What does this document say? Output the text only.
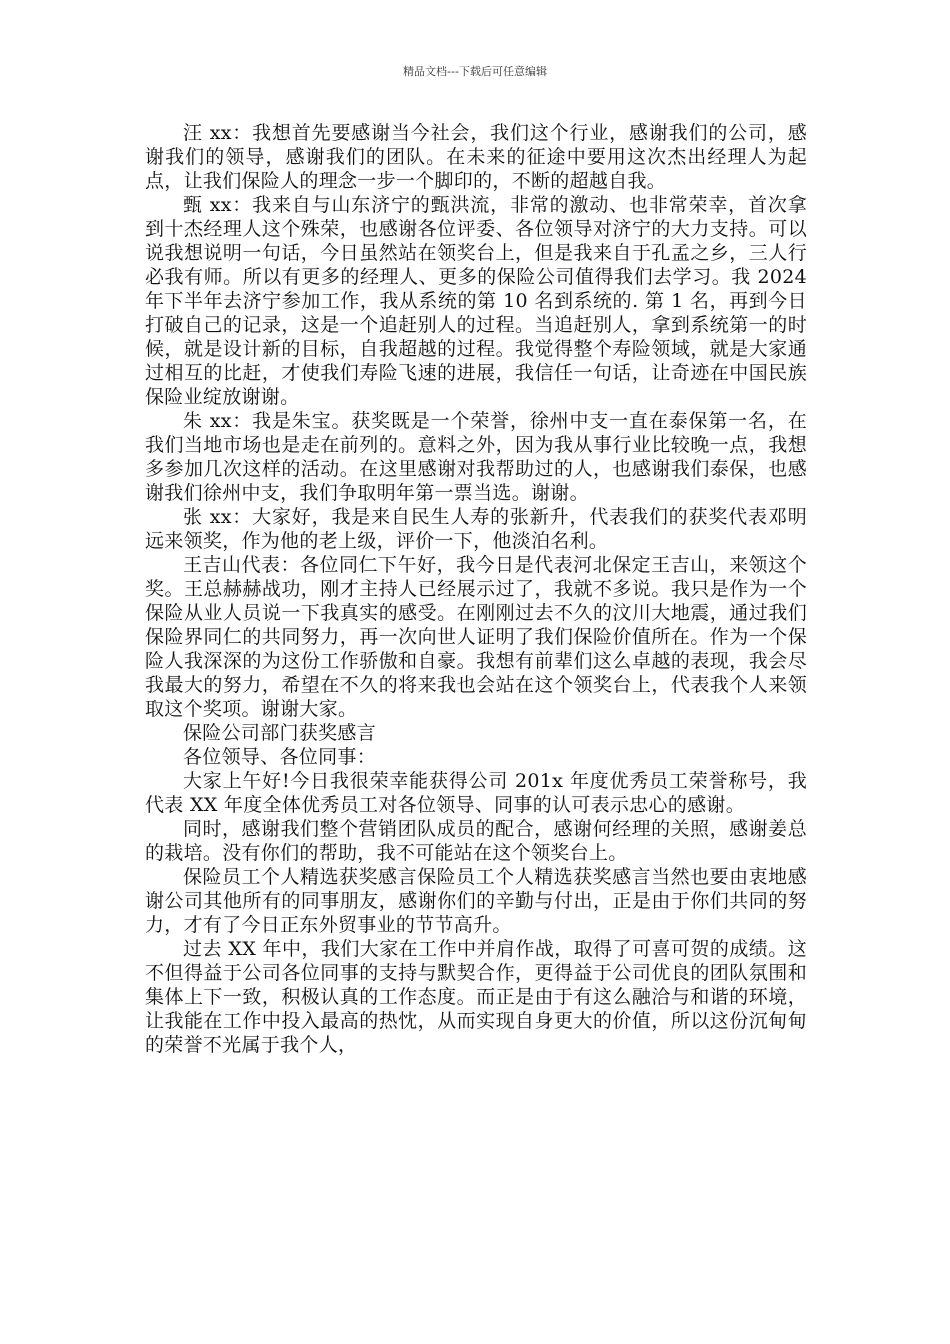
精品文档---下载后可任意编辑

汪 xx：我想首先要感谢当今社会，我们这个行业，感谢我们的公司，感谢我们的领导，感谢我们的团队。在未来的征途中要用这次杰出经理人为起点，让我们保险人的理念一步一个脚印的，不断的超越自我。

甄 xx：我来自与山东济宁的甄洪流，非常的激动、也非常荣幸，首次拿到十杰经理人这个殊荣，也感谢各位评委、各位领导对济宁的大力支持。可以说我想说明一句话，今日虽然站在领奖台上，但是我来自于孔孟之乡，三人行必我有师。所以有更多的经理人、更多的保险公司值得我们去学习。我 2024 年下半年去济宁参加工作，我从系统的第 10 名到系统的. 第 1 名，再到今日打破自己的记录，这是一个追赶别人的过程。当追赶别人，拿到系统第一的时候，就是设计新的目标，自我超越的过程。我觉得整个寿险领域，就是大家通过相互的比赶，才使我们寿险飞速的进展，我信任一句话，让奇迹在中国民族保险业绽放谢谢。

朱 xx：我是朱宝。获奖既是一个荣誉，徐州中支一直在泰保第一名，在我们当地市场也是走在前列的。意料之外，因为我从事行业比较晚一点，我想多参加几次这样的活动。在这里感谢对我帮助过的人，也感谢我们泰保，也感谢我们徐州中支，我们争取明年第一票当选。谢谢。

张 xx：大家好，我是来自民生人寿的张新升，代表我们的获奖代表邓明远来领奖，作为他的老上级，评价一下，他淡泊名利。

王吉山代表：各位同仁下午好，我今日是代表河北保定王吉山，来领这个奖。王总赫赫战功，刚才主持人已经展示过了，我就不多说。我只是作为一个保险从业人员说一下我真实的感受。在刚刚过去不久的汶川大地震，通过我们保险界同仁的共同努力，再一次向世人证明了我们保险价值所在。作为一个保险人我深深的为这份工作骄傲和自豪。我想有前辈们这么卓越的表现，我会尽我最大的努力，希望在不久的将来我也会站在这个领奖台上，代表我个人来领取这个奖项。谢谢大家。

保险公司部门获奖感言

各位领导、各位同事：

大家上午好!今日我很荣幸能获得公司 201x 年度优秀员工荣誉称号，我代表 XX 年度全体优秀员工对各位领导、同事的认可表示忠心的感谢。

同时，感谢我们整个营销团队成员的配合，感谢何经理的关照，感谢姜总的栽培。没有你们的帮助，我不可能站在这个领奖台上。

保险员工个人精选获奖感言保险员工个人精选获奖感言当然也要由衷地感谢公司其他所有的同事朋友，感谢你们的辛勤与付出，正是由于你们共同的努力，才有了今日正东外贸事业的节节高升。

过去 XX 年中，我们大家在工作中并肩作战，取得了可喜可贺的成绩。这不但得益于公司各位同事的支持与默契合作，更得益于公司优良的团队氛围和集体上下一致，积极认真的工作态度。而正是由于有这么融洽与和谐的环境，让我能在工作中投入最高的热忱，从而实现自身更大的价值，所以这份沉甸甸的荣誉不光属于我个人，
